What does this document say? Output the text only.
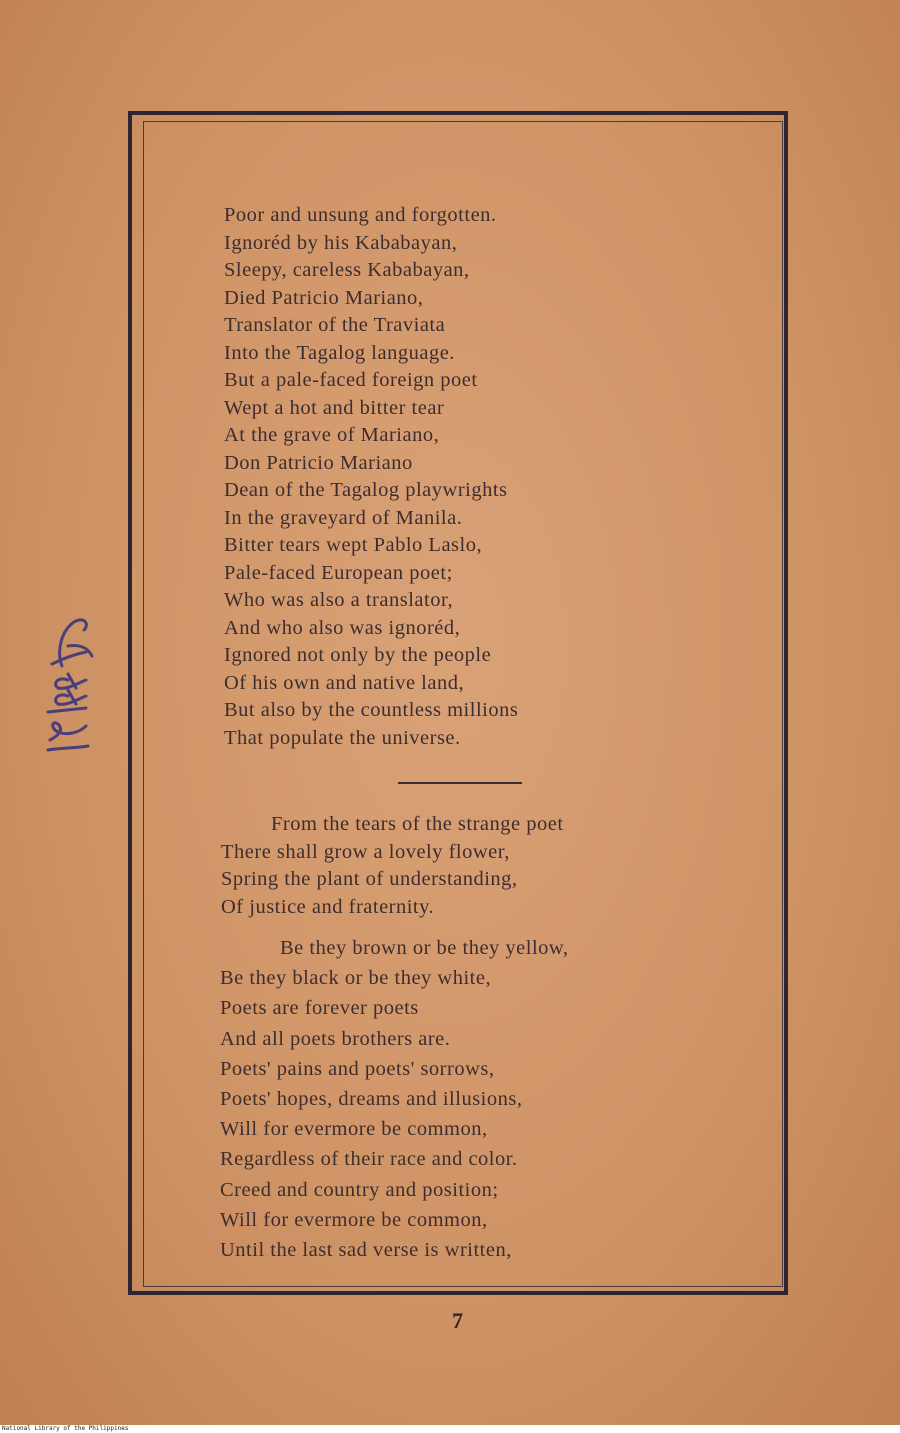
Poor and unsung and forgotten.
Ignoréd by his Kababayan,
Sleepy, careless Kababayan,
Died Patricio Mariano,
Translator of the Traviata
Into the Tagalog language.
But a pale-faced foreign poet
Wept a hot and bitter tear
At the grave of Mariano,
Don Patricio Mariano
Dean of the Tagalog playwrights
In the graveyard of Manila.
Bitter tears wept Pablo Laslo,
Pale-faced European poet;
Who was also a translator,
And who also was ignoréd,
Ignored not only by the people
Of his own and native land,
But also by the countless millions
That populate the universe.
From the tears of the strange poet
There shall grow a lovely flower,
Spring the plant of understanding,
Of justice and fraternity.
Be they brown or be they yellow,
Be they black or be they white,
Poets are forever poets
And all poets brothers are.
Poets' pains and poets' sorrows,
Poets' hopes, dreams and illusions,
Will for evermore be common,
Regardless of their race and color.
Creed and country and position;
Will for evermore be common,
Until the last sad verse is written,
7
National Library of the Philippines
